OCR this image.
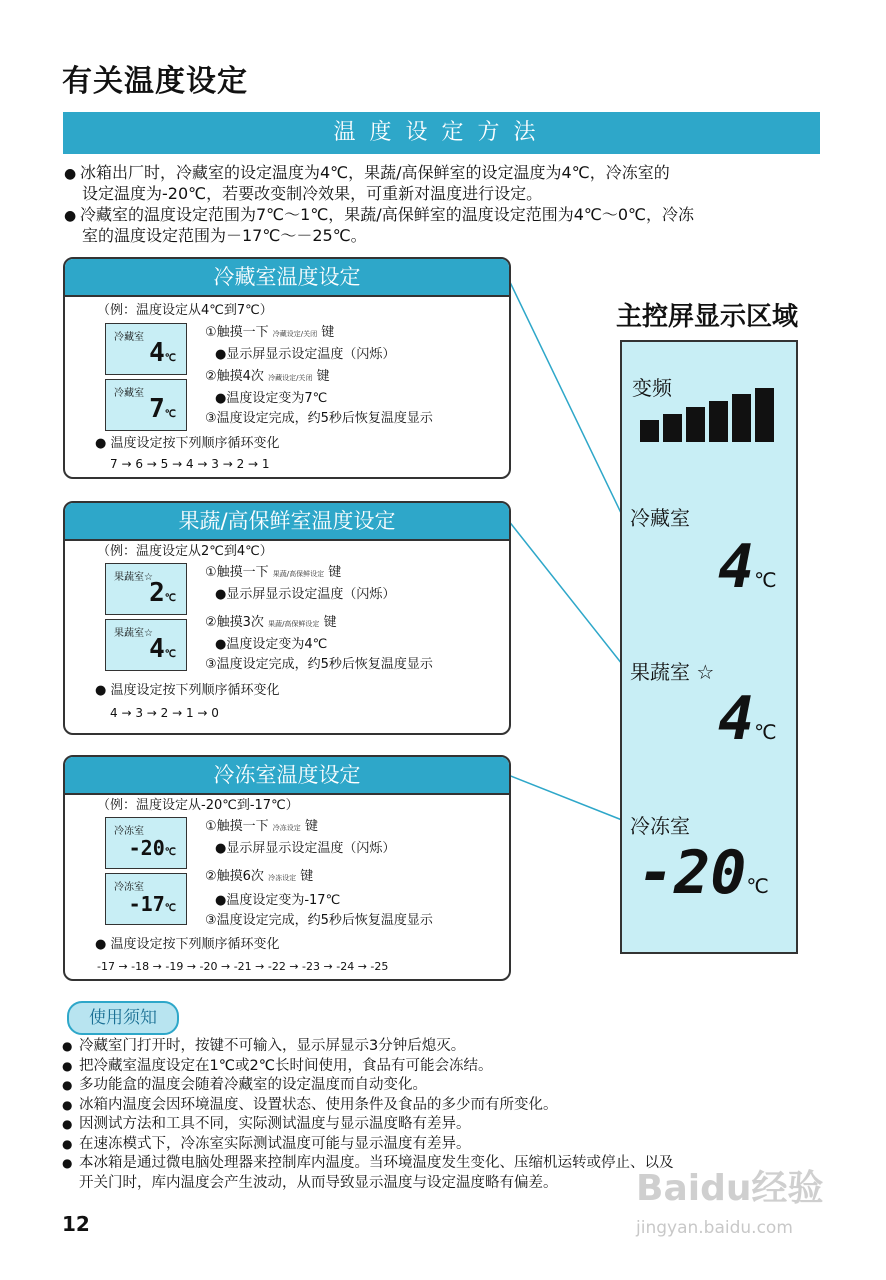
有关温度设定
温度设定方法
● 冰箱出厂时，冷藏室的设定温度为4℃，果蔬/高保鲜室的设定温度为4℃，冷冻室的
设定温度为-20℃，若要改变制冷效果，可重新对温度进行设定。
● 冷藏室的温度设定范围为7℃～1℃，果蔬/高保鲜室的温度设定范围为4℃～0℃，冷冻
室的温度设定范围为－17℃～－25℃。
冷藏室温度设定
（例：温度设定从4℃到7℃）
冷藏室
4℃
冷藏室
7℃
①触摸一下 冷藏设定/关闭 键
●显示屏显示设定温度（闪烁）
②触摸4次 冷藏设定/关闭 键
●温度设定变为7℃
③温度设定完成，约5秒后恢复温度显示
● 温度设定按下列顺序循环变化
7 → 6 → 5 → 4 → 3 → 2 → 1
果蔬/高保鲜室温度设定
（例：温度设定从2℃到4℃）
果蔬室☆
2℃
果蔬室☆
4℃
①触摸一下 果蔬/高保鲜设定 键
●显示屏显示设定温度（闪烁）
②触摸3次 果蔬/高保鲜设定 键
●温度设定变为4℃
③温度设定完成，约5秒后恢复温度显示
● 温度设定按下列顺序循环变化
4 → 3 → 2 → 1 → 0
冷冻室温度设定
（例：温度设定从-20℃到-17℃）
冷冻室
-20℃
冷冻室
-17℃
①触摸一下 冷冻设定 键
●显示屏显示设定温度（闪烁）
②触摸6次 冷冻设定 键
●温度设定变为-17℃
③温度设定完成，约5秒后恢复温度显示
● 温度设定按下列顺序循环变化
-17 → -18 → -19 → -20 → -21 → -22 → -23 → -24 → -25
主控屏显示区域
变频
冷藏室
4℃
果蔬室 ☆
4℃
冷冻室
-20℃
使用须知
● 冷藏室门打开时，按键不可输入，显示屏显示3分钟后熄灭。
● 把冷藏室温度设定在1℃或2℃长时间使用，食品有可能会冻结。
● 多功能盒的温度会随着冷藏室的设定温度而自动变化。
● 冰箱内温度会因环境温度、设置状态、使用条件及食品的多少而有所变化。
● 因测试方法和工具不同，实际测试温度与显示温度略有差异。
● 在速冻模式下，冷冻室实际测试温度可能与显示温度有差异。
● 本冰箱是通过微电脑处理器来控制库内温度。当环境温度发生变化、压缩机运转或停止、以及
开关门时，库内温度会产生波动，从而导致显示温度与设定温度略有偏差。
12
Baidu经验
jingyan.baidu.com
